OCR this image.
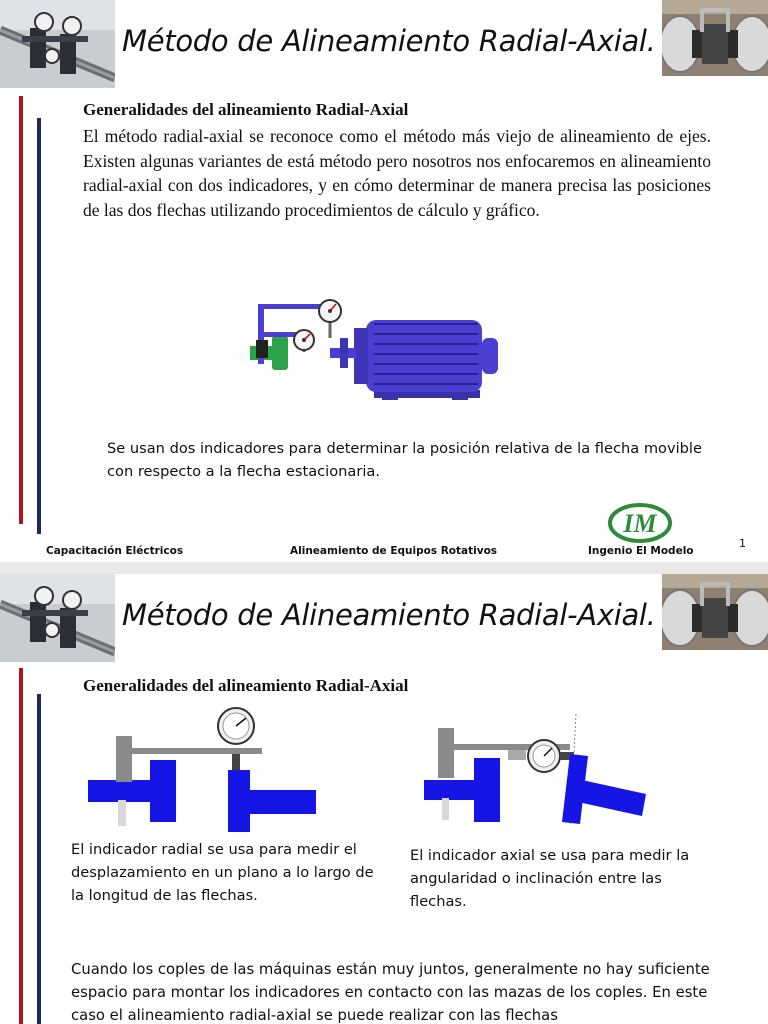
Método de Alineamiento Radial-Axial.
Generalidades del alineamiento Radial-Axial

El método radial-axial se reconoce como el método más viejo de alineamiento de ejes. Existen algunas variantes de está método pero nosotros nos enfocaremos en alineamiento radial-axial con dos indicadores, y en cómo determinar de manera precisa las posiciones de las dos flechas utilizando procedimientos de cálculo y gráfico.

Se usan dos indicadores para determinar la posición relativa de la flecha movible con respecto a la flecha estacionaria.

IM
Capacitación Eléctricos	Alineamiento de Equipos Rotativos	Ingenio El Modelo
1
Método de Alineamiento Radial-Axial.
Generalidades del alineamiento Radial-Axial

El indicador radial se usa para medir el desplazamiento en un plano a lo largo de la longitud de las flechas.

El indicador axial se usa para medir la angularidad o inclinación entre las flechas.

Cuando los coples de las máquinas están muy juntos, generalmente no hay suficiente espacio para montar los indicadores en contacto con las mazas de los coples. En este caso el alineamiento radial-axial se puede realizar con las flechas
